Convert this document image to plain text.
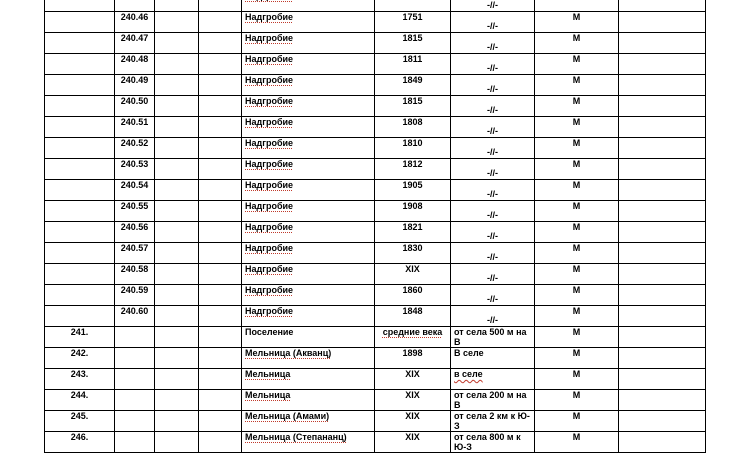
						-//-		
	240.46			Надгробие	1751	-//-	М	
	240.47			Надгробие	1815	-//-	М	
	240.48			Надгробие	1811	-//-	М	
	240.49			Надгробие	1849	-//-	М	
	240.50			Надгробие	1815	-//-	М	
	240.51			Надгробие	1808	-//-	М	
	240.52			Надгробие	1810	-//-	М	
	240.53			Надгробие	1812	-//-	М	
	240.54			Надгробие	1905	-//-	М	
	240.55			Надгробие	1908	-//-	М	
	240.56			Надгробие	1821	-//-	М	
	240.57			Надгробие	1830	-//-	М	
	240.58			Надгробие	XIX	-//-	М	
	240.59			Надгробие	1860	-//-	М	
	240.60			Надгробие	1848	-//-	М	
241.				Поселение	средние века	от села 500 м на В	М	
242.				Мельница (Акванц)	1898	В селе	М	
243.				Мельница	XIX	в селе	М	
244.				Мельница	XIX	от села 200 м на В	М	
245.				Мельница (Амами)	XIX	от села 2 км к Ю-З	М	
246.				Мельница (Степананц)	XIX	от села 800 м к Ю-З	М	
